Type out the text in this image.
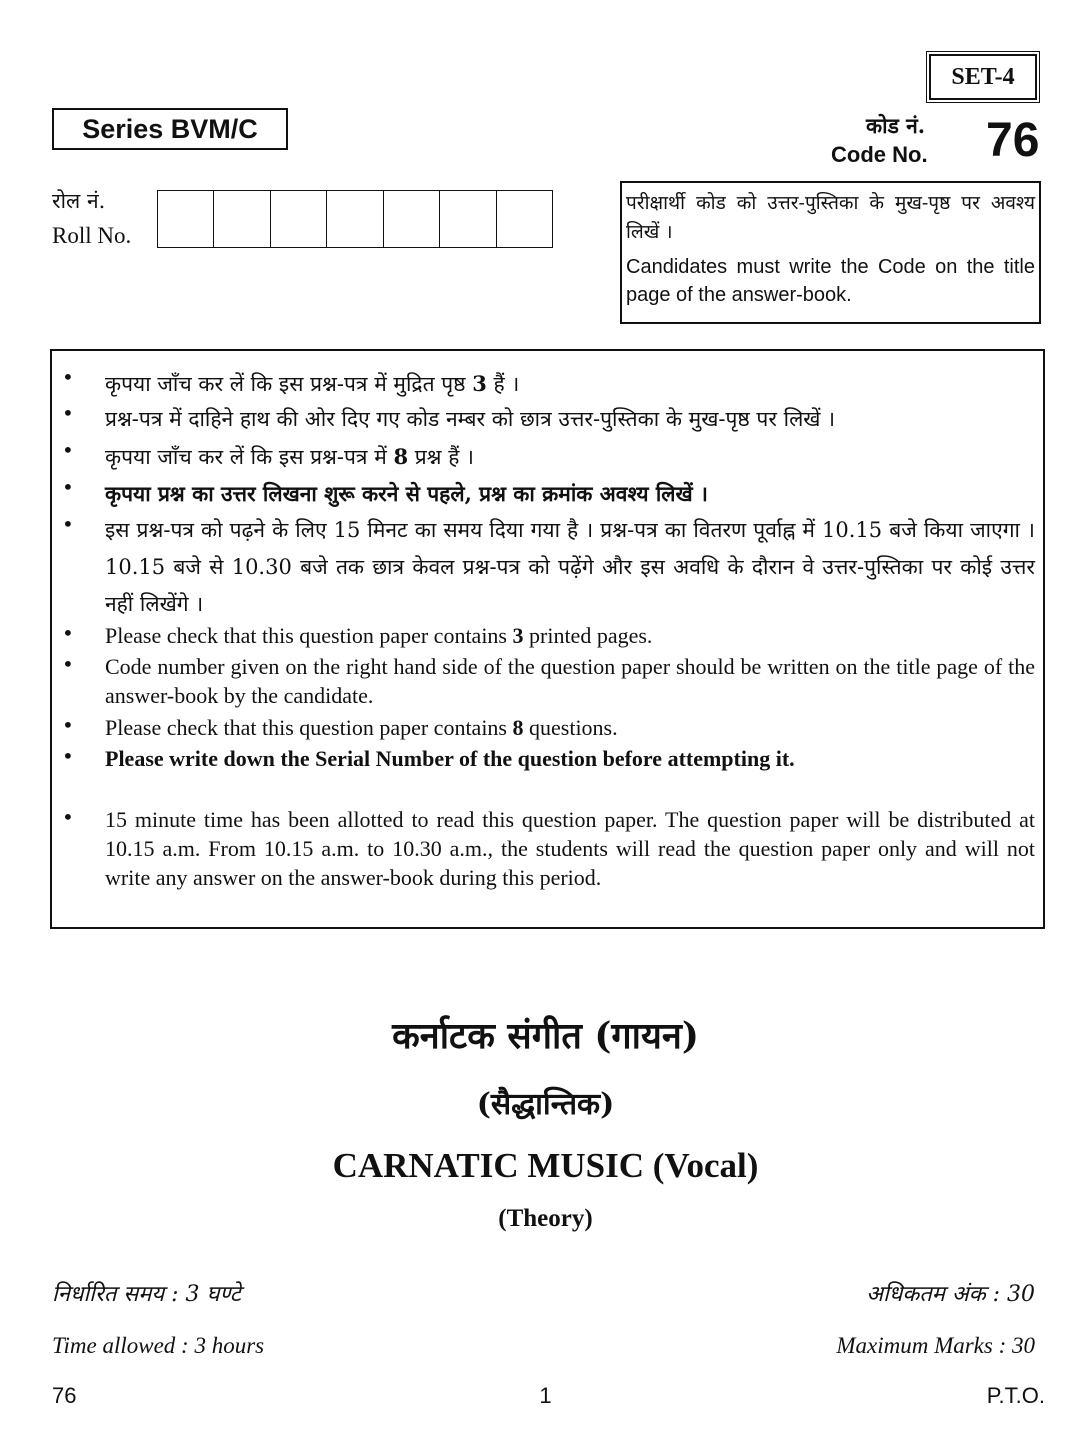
SET-4
Series BVM/C	कोड नं.
Code No. 76
रोल नं.
Roll No.
परीक्षार्थी कोड को उत्तर-पुस्तिका के मुख-पृष्ठ पर अवश्य लिखें ।
Candidates must write the Code on the title page of the answer-book.
• कृपया जाँच कर लें कि इस प्रश्न-पत्र में मुद्रित पृष्ठ 3 हैं ।
• प्रश्न-पत्र में दाहिने हाथ की ओर दिए गए कोड नम्बर को छात्र उत्तर-पुस्तिका के मुख-पृष्ठ पर लिखें ।
• कृपया जाँच कर लें कि इस प्रश्न-पत्र में 8 प्रश्न हैं ।
• कृपया प्रश्न का उत्तर लिखना शुरू करने से पहले, प्रश्न का क्रमांक अवश्य लिखें ।
• इस प्रश्न-पत्र को पढ़ने के लिए 15 मिनट का समय दिया गया है । प्रश्न-पत्र का वितरण पूर्वाह्न में 10.15 बजे किया जाएगा । 10.15 बजे से 10.30 बजे तक छात्र केवल प्रश्न-पत्र को पढ़ेंगे और इस अवधि के दौरान वे उत्तर-पुस्तिका पर कोई उत्तर नहीं लिखेंगे ।
• Please check that this question paper contains 3 printed pages.
• Code number given on the right hand side of the question paper should be written on the title page of the answer-book by the candidate.
• Please check that this question paper contains 8 questions.
• Please write down the Serial Number of the question before attempting it.
• 15 minute time has been allotted to read this question paper. The question paper will be distributed at 10.15 a.m. From 10.15 a.m. to 10.30 a.m., the students will read the question paper only and will not write any answer on the answer-book during this period.
कर्नाटक संगीत (गायन)
(सैद्धान्तिक)
CARNATIC MUSIC (Vocal)
(Theory)
निर्धारित समय : 3 घण्टे	अधिकतम अंक : 30
Time allowed : 3 hours	Maximum Marks : 30
76	1	P.T.O.
